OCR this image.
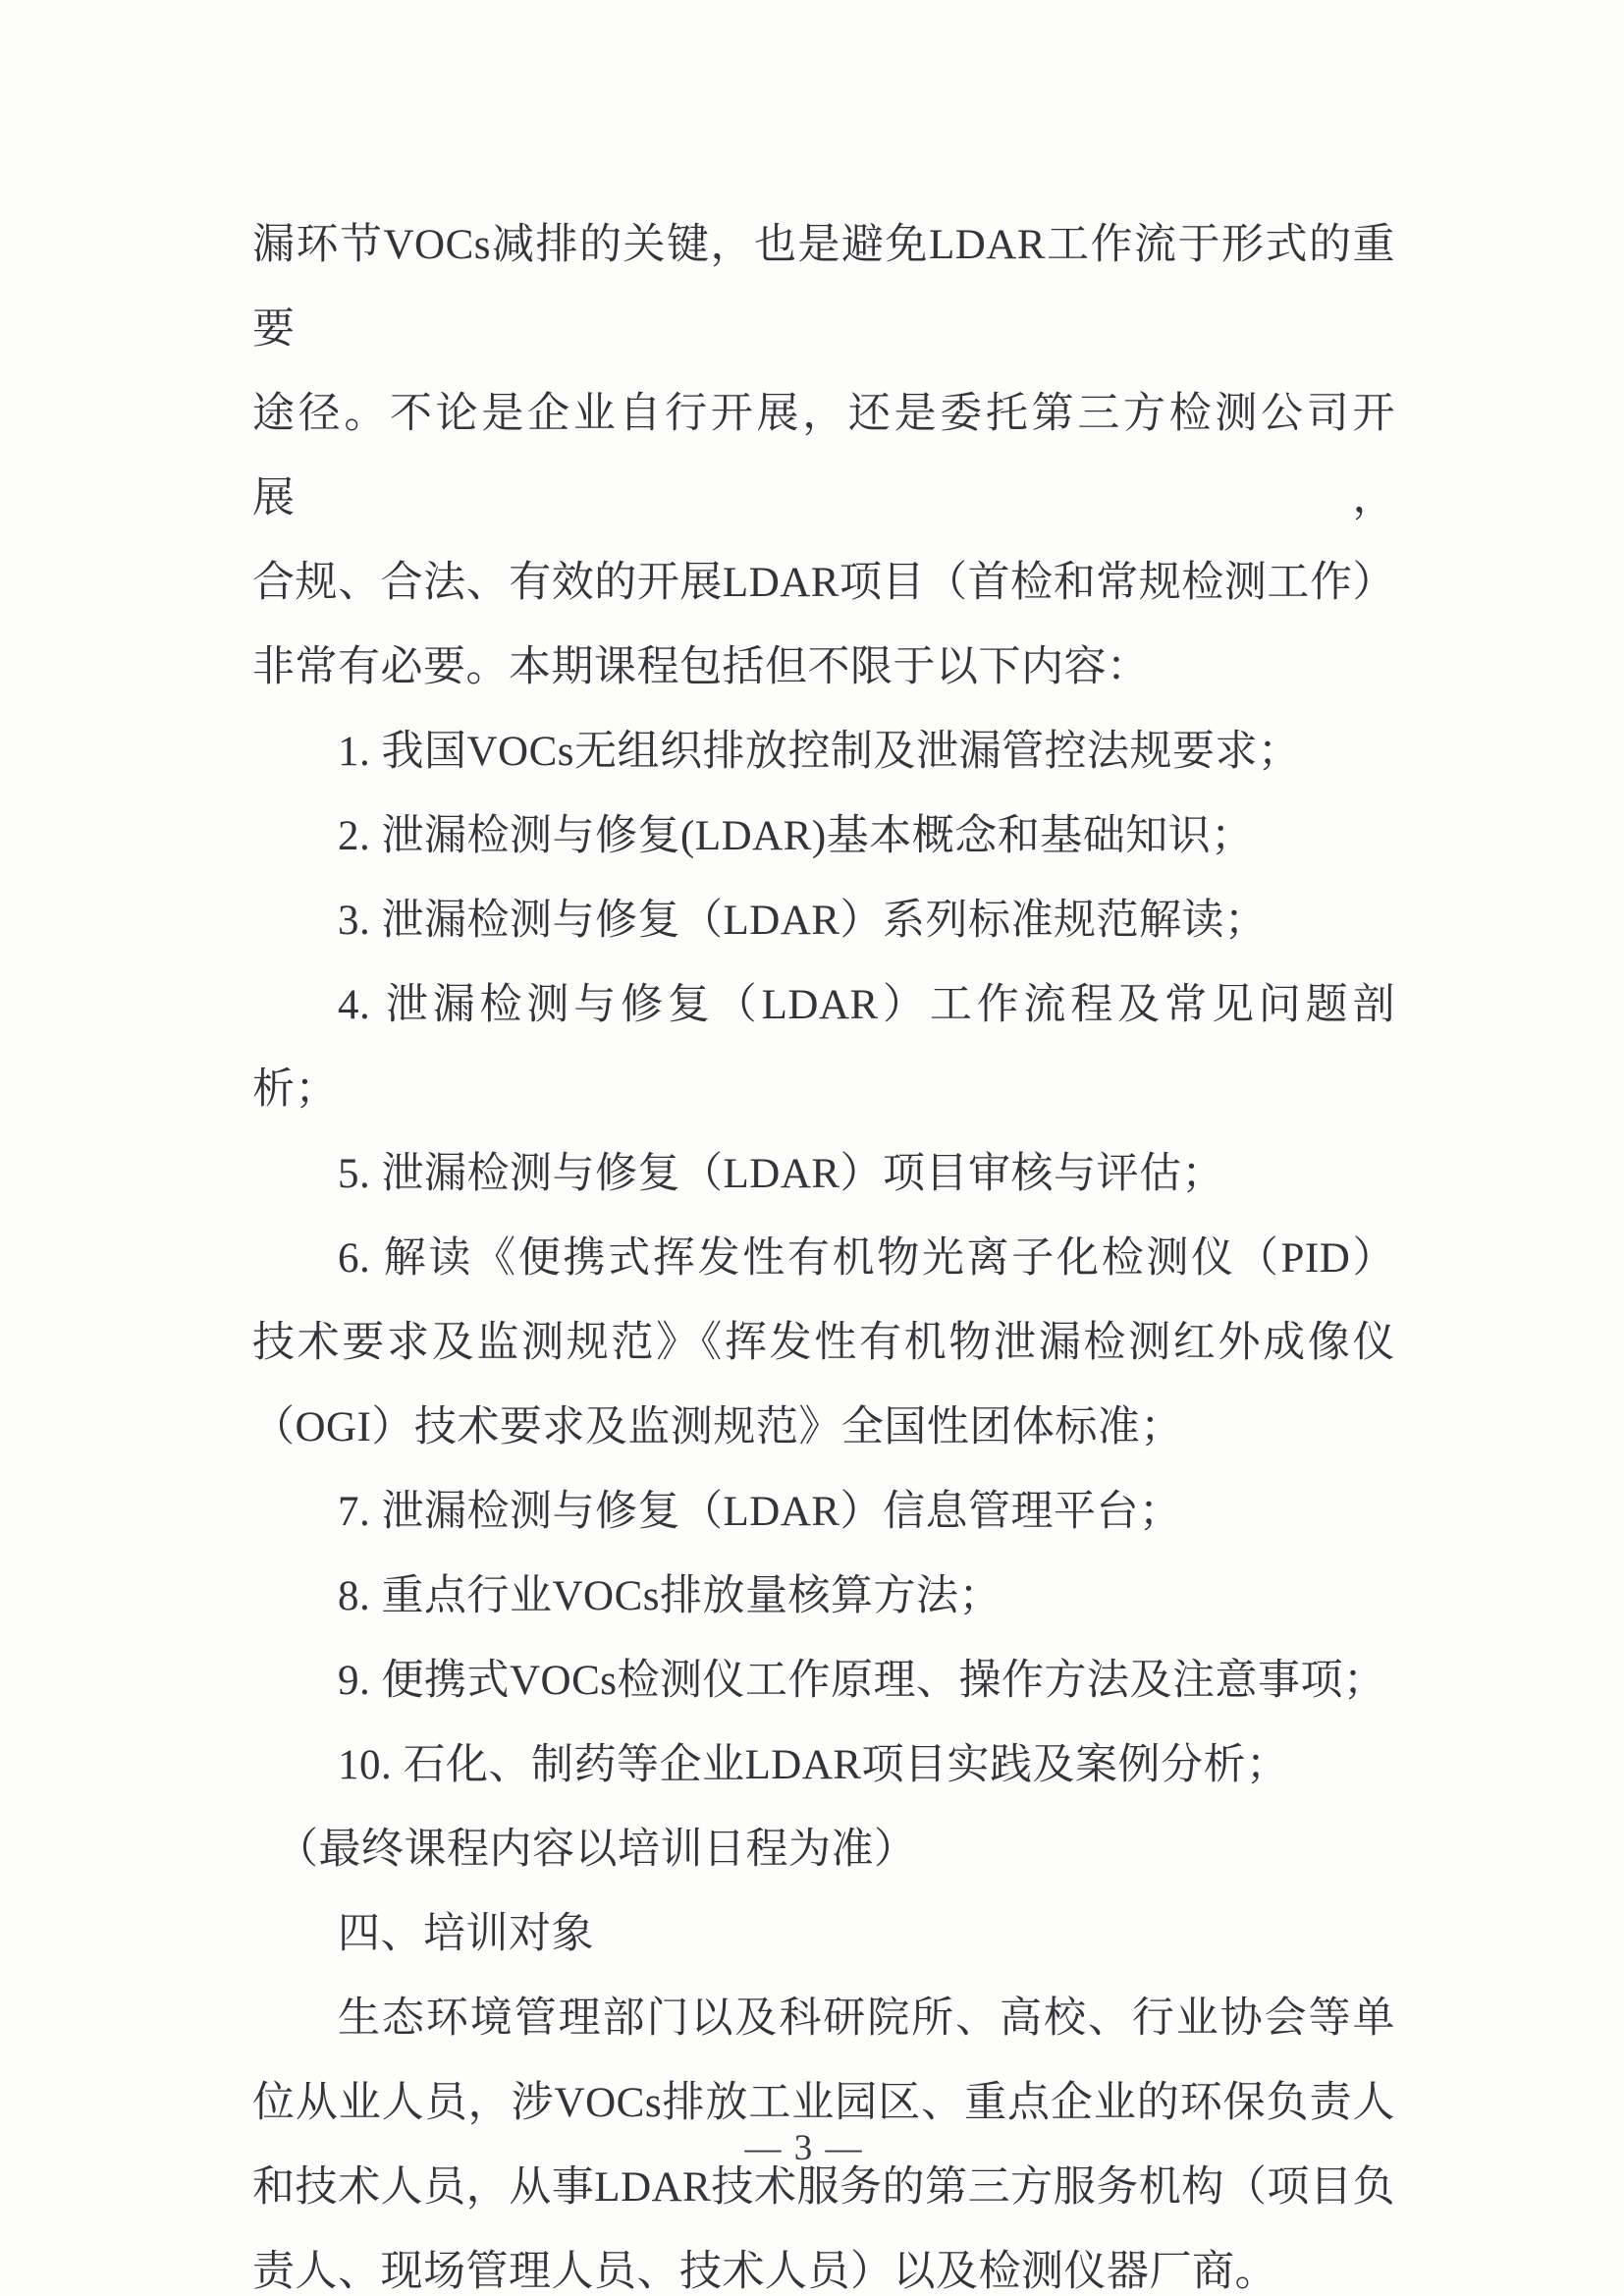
漏环节VOCs减排的关键，也是避免LDAR工作流于形式的重要

途径。不论是企业自行开展，还是委托第三方检测公司开展，

合规、合法、有效的开展LDAR项目（首检和常规检测工作）

非常有必要。本期课程包括但不限于以下内容：

1. 我国VOCs无组织排放控制及泄漏管控法规要求；

2. 泄漏检测与修复(LDAR)基本概念和基础知识；

3. 泄漏检测与修复（LDAR）系列标准规范解读；

4. 泄漏检测与修复（LDAR）工作流程及常见问题剖析；

5. 泄漏检测与修复（LDAR）项目审核与评估；

6. 解读《便携式挥发性有机物光离子化检测仪（PID）

技术要求及监测规范》《挥发性有机物泄漏检测红外成像仪

（OGI）技术要求及监测规范》全国性团体标准；

7. 泄漏检测与修复（LDAR）信息管理平台；

8. 重点行业VOCs排放量核算方法；

9. 便携式VOCs检测仪工作原理、操作方法及注意事项；

10. 石化、制药等企业LDAR项目实践及案例分析；

（最终课程内容以培训日程为准）

四、培训对象

生态环境管理部门以及科研院所、高校、行业协会等单

位从业人员，涉VOCs排放工业园区、重点企业的环保负责人

和技术人员，从事LDAR技术服务的第三方服务机构（项目负

责人、现场管理人员、技术人员）以及检测仪器厂商。

— 3 —
